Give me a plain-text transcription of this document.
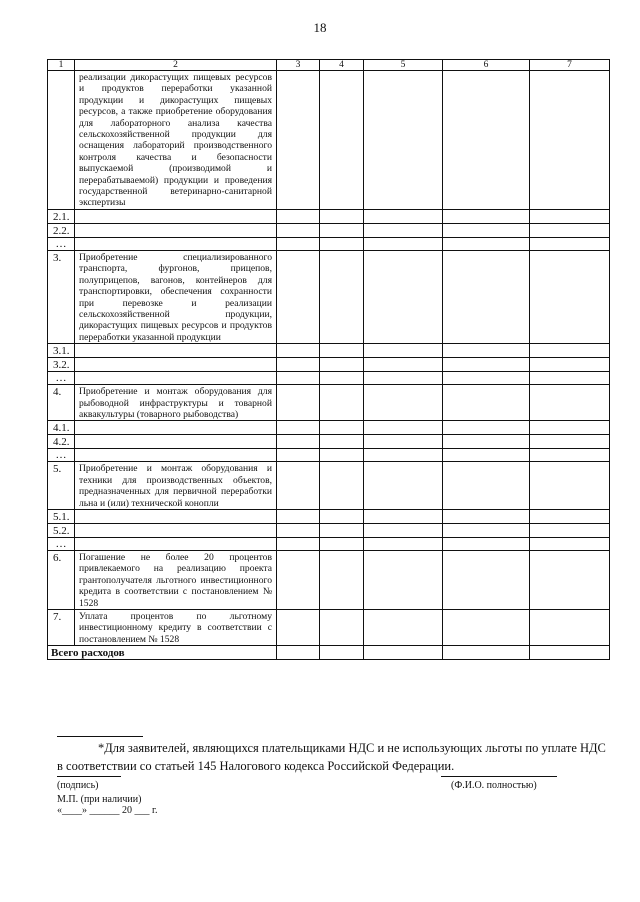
18
1	2	3	4	5	6	7
	реализации дикорастущих пищевых ресурсов и продуктов переработки указанной продукции и дикорастущих пищевых ресурсов, а также приобретение оборудования для лабораторного анализа качества сельскохозяйственной продукции для оснащения лабораторий производственного контроля качества и безопасности выпускаемой (производимой и перерабатываемой) продукции и проведения государственной ветеринарно-санитарной экспертизы					
2.1.						
2.2.						
…						
3.	Приобретение специализированного транспорта, фургонов, прицепов, полуприцепов, вагонов, контейнеров для транспортировки, обеспечения сохранности при перевозке и реализации сельскохозяйственной продукции, дикорастущих пищевых ресурсов и продуктов переработки указанной продукции					
3.1.						
3.2.						
…						
4.	Приобретение и монтаж оборудования для рыбоводной инфраструктуры и товарной аквакультуры (товарного рыбоводства)					
4.1.						
4.2.						
…						
5.	Приобретение и монтаж оборудования и техники для производственных объектов, предназначенных для первичной переработки льна и (или) технической конопли					
5.1.						
5.2.						
…						
6.	Погашение не более 20 процентов привлекаемого на реализацию проекта грантополучателя льготного инвестиционного кредита в соответствии с постановлением № 1528					
7.	Уплата процентов по льготному инвестиционному кредиту в соответствии с постановлением № 1528					
Всего расходов						
*Для заявителей, являющихся плательщиками НДС и не использующих льготы по уплате НДС в соответствии со статьей 145 Налогового кодекса Российской Федерации.
(подпись)	(Ф.И.О. полностью)
М.П. (при наличии)
«____» ______ 20 ___ г.
